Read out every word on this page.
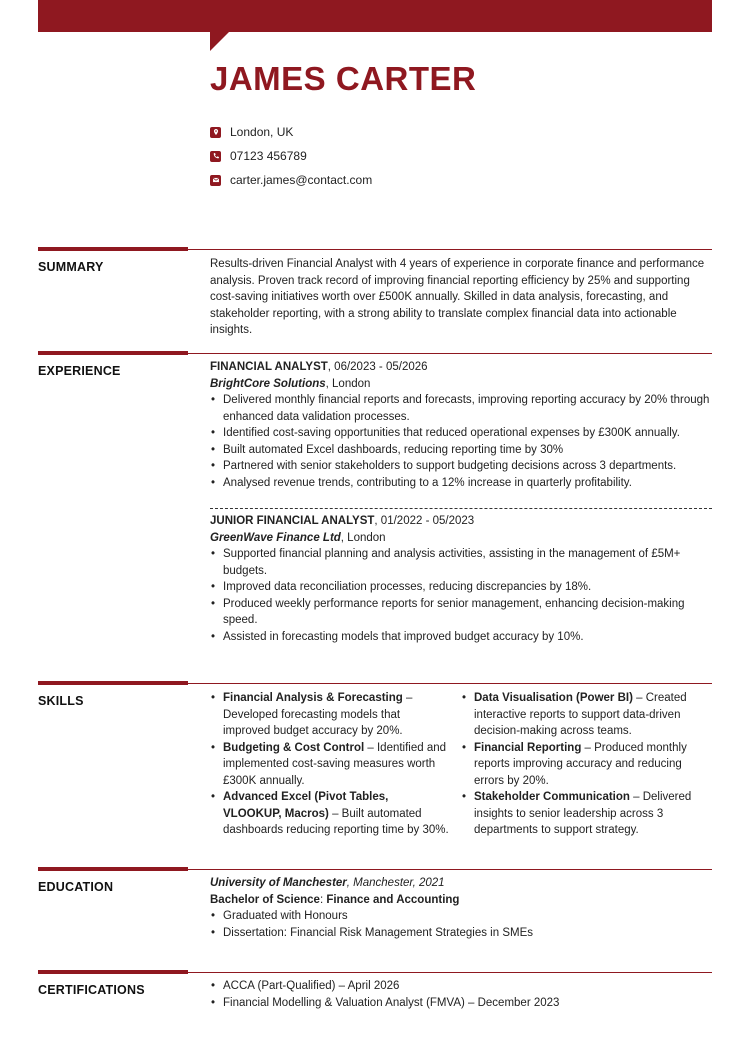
JAMES CARTER
London, UK
07123 456789
carter.james@contact.com
SUMMARY	Results-driven Financial Analyst with 4 years of experience in corporate finance and performance analysis. Proven track record of improving financial reporting efficiency by 25% and supporting cost-saving initiatives worth over £500K annually. Skilled in data analysis, forecasting, and stakeholder reporting, with a strong ability to translate complex financial data into actionable insights.

EXPERIENCE	FINANCIAL ANALYST, 06/2023 - 05/2026
BrightCore Solutions, London
• Delivered monthly financial reports and forecasts, improving reporting accuracy by 20% through enhanced data validation processes.
• Identified cost-saving opportunities that reduced operational expenses by £300K annually.
• Built automated Excel dashboards, reducing reporting time by 30%
• Partnered with senior stakeholders to support budgeting decisions across 3 departments.
• Analysed revenue trends, contributing to a 12% increase in quarterly profitability.
JUNIOR FINANCIAL ANALYST, 01/2022 - 05/2023
GreenWave Finance Ltd, London
• Supported financial planning and analysis activities, assisting in the management of £5M+ budgets.
• Improved data reconciliation processes, reducing discrepancies by 18%.
• Produced weekly performance reports for senior management, enhancing decision-making speed.
• Assisted in forecasting models that improved budget accuracy by 10%.
SKILLS	• Financial Analysis & Forecasting – Developed forecasting models that improved budget accuracy by 20%.
• Budgeting & Cost Control – Identified and implemented cost-saving measures worth £300K annually.
• Advanced Excel (Pivot Tables, VLOOKUP, Macros) – Built automated dashboards reducing reporting time by 30%.
• Data Visualisation (Power BI) – Created interactive reports to support data-driven decision-making across teams.
• Financial Reporting – Produced monthly reports improving accuracy and reducing errors by 20%.
• Stakeholder Communication – Delivered insights to senior leadership across 3 departments to support strategy.
EDUCATION	University of Manchester, Manchester, 2021
Bachelor of Science: Finance and Accounting
• Graduated with Honours
• Dissertation: Financial Risk Management Strategies in SMEs
CERTIFICATIONS	• ACCA (Part-Qualified) – April 2026
• Financial Modelling & Valuation Analyst (FMVA) – December 2023
